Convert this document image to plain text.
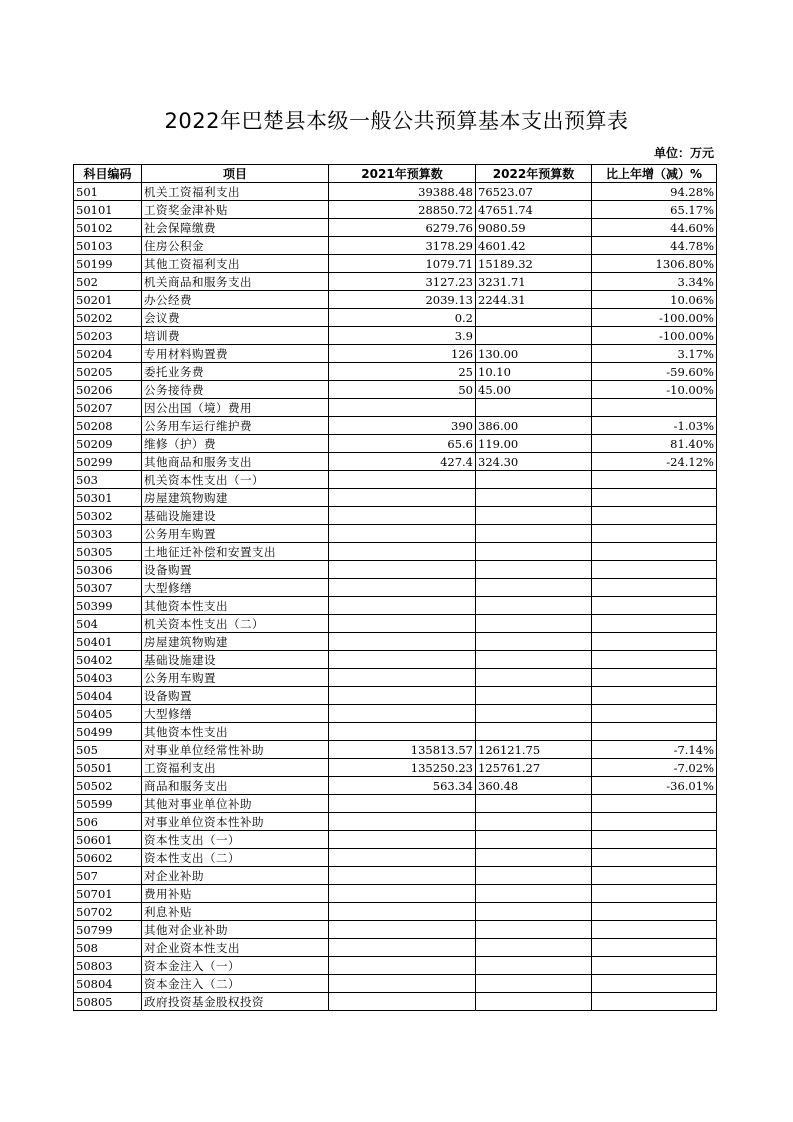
2022年巴楚县本级一般公共预算基本支出预算表
单位：万元
科目编码	项目	2021年预算数	2022年预算数	比上年增（减）%
501	机关工资福利支出	39388.48	76523.07	94.28%
50101	工资奖金津补贴	28850.72	47651.74	65.17%
50102	社会保障缴费	6279.76	9080.59	44.60%
50103	住房公积金	3178.29	4601.42	44.78%
50199	其他工资福利支出	1079.71	15189.32	1306.80%
502	机关商品和服务支出	3127.23	3231.71	3.34%
50201	办公经费	2039.13	2244.31	10.06%
50202	会议费	0.2		-100.00%
50203	培训费	3.9		-100.00%
50204	专用材料购置费	126	130.00	3.17%
50205	委托业务费	25	10.10	-59.60%
50206	公务接待费	50	45.00	-10.00%
50207	因公出国（境）费用			
50208	公务用车运行维护费	390	386.00	-1.03%
50209	维修（护）费	65.6	119.00	81.40%
50299	其他商品和服务支出	427.4	324.30	-24.12%
503	机关资本性支出（一）			
50301	房屋建筑物购建			
50302	基础设施建设			
50303	公务用车购置			
50305	土地征迁补偿和安置支出			
50306	设备购置			
50307	大型修缮			
50399	其他资本性支出			
504	机关资本性支出（二）			
50401	房屋建筑物购建			
50402	基础设施建设			
50403	公务用车购置			
50404	设备购置			
50405	大型修缮			
50499	其他资本性支出			
505	对事业单位经常性补助	135813.57	126121.75	-7.14%
50501	工资福利支出	135250.23	125761.27	-7.02%
50502	商品和服务支出	563.34	360.48	-36.01%
50599	其他对事业单位补助			
506	对事业单位资本性补助			
50601	资本性支出（一）			
50602	资本性支出（二）			
507	对企业补助			
50701	费用补贴			
50702	利息补贴			
50799	其他对企业补助			
508	对企业资本性支出			
50803	资本金注入（一）			
50804	资本金注入（二）			
50805	政府投资基金股权投资			
